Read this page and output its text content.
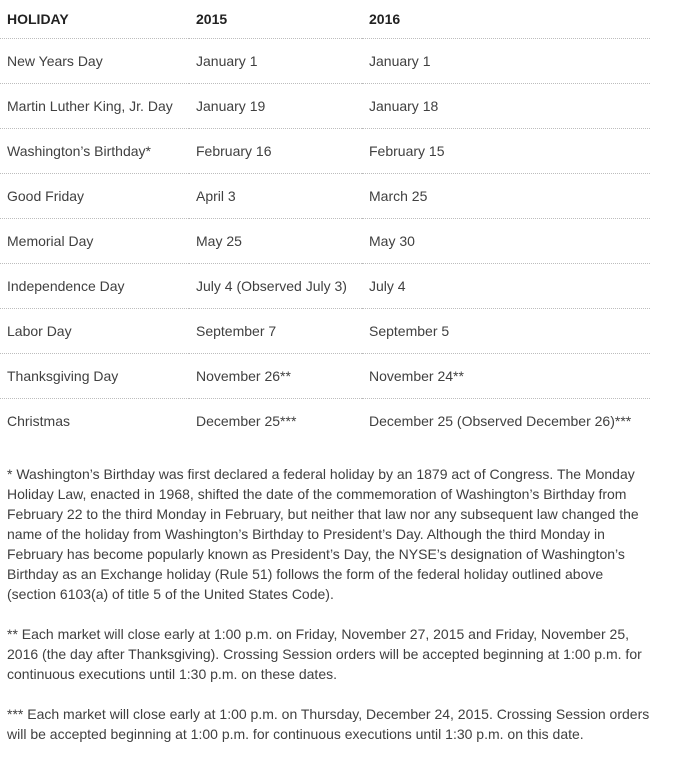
HOLIDAY	2015	2016
New Years Day	January 1	January 1
Martin Luther King, Jr. Day	January 19	January 18
Washington’s Birthday*	February 16	February 15
Good Friday	April 3	March 25
Memorial Day	May 25	May 30
Independence Day	July 4 (Observed July 3)	July 4
Labor Day	September 7	September 5
Thanksgiving Day	November 26**	November 24**
Christmas	December 25***	December 25 (Observed December 26)***

* Washington’s Birthday was first declared a federal holiday by an 1879 act of Congress. The Monday Holiday Law, enacted in 1968, shifted the date of the commemoration of Washington’s Birthday from February 22 to the third Monday in February, but neither that law nor any subsequent law changed the name of the holiday from Washington’s Birthday to President’s Day. Although the third Monday in February has become popularly known as President’s Day, the NYSE’s designation of Washington’s Birthday as an Exchange holiday (Rule 51) follows the form of the federal holiday outlined above (section 6103(a) of title 5 of the United States Code).

** Each market will close early at 1:00 p.m. on Friday, November 27, 2015 and Friday, November 25, 2016 (the day after Thanksgiving). Crossing Session orders will be accepted beginning at 1:00 p.m. for continuous executions until 1:30 p.m. on these dates.

*** Each market will close early at 1:00 p.m. on Thursday, December 24, 2015. Crossing Session orders will be accepted beginning at 1:00 p.m. for continuous executions until 1:30 p.m. on this date.
